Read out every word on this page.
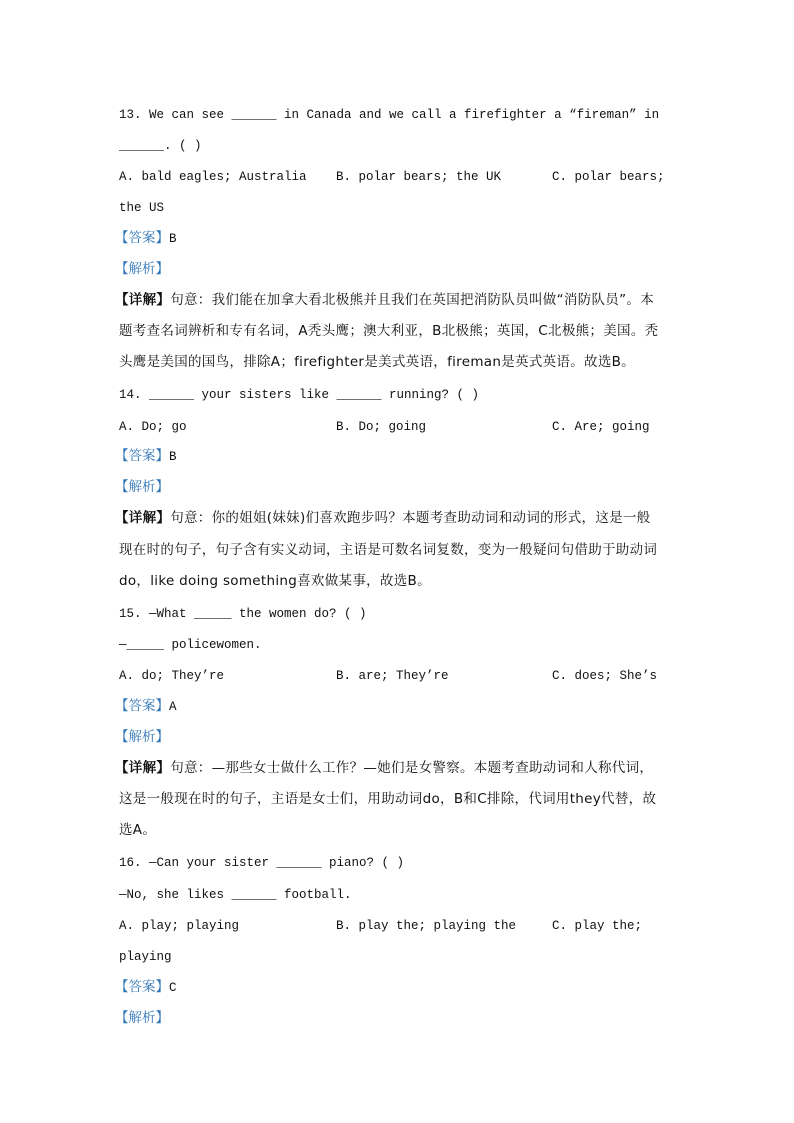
13. We can see ______ in Canada and we call a firefighter a “fireman” in
______. ( )
A. bald eagles; Australia B. polar bears; the UK	C. polar bears;
the US
【答案】B
【解析】
【详解】句意：我们能在加拿大看北极熊并且我们在英国把消防队员叫做“消防队员”。本
题考查名词辨析和专有名词，A秃头鹰；澳大利亚，B北极熊；英国，C北极熊；美国。秃
头鹰是美国的国鸟，排除A；firefighter是美式英语，fireman是英式英语。故选B。
14. ______ your sisters like ______ running? ( )
A. Do; go	B. Do; going	C. Are; going
【答案】B
【解析】
【详解】句意：你的姐姐(妹妹)们喜欢跑步吗？本题考查助动词和动词的形式，这是一般
现在时的句子，句子含有实义动词，主语是可数名词复数，变为一般疑问句借助于助动词
do，like doing something喜欢做某事，故选B。
15. —What _____ the women do? ( )
—_____ policewomen.
A. do; They’re	B. are; They’re	C. does; She’s
【答案】A
【解析】
【详解】句意：—那些女士做什么工作？—她们是女警察。本题考查助动词和人称代词，
这是一般现在时的句子，主语是女士们，用助动词do，B和C排除，代词用they代替，故
选A。
16. —Can your sister ______ piano? ( )
—No, she likes ______ football.
A. play; playing	B. play the; playing the	C. play the;
playing
【答案】C
【解析】
